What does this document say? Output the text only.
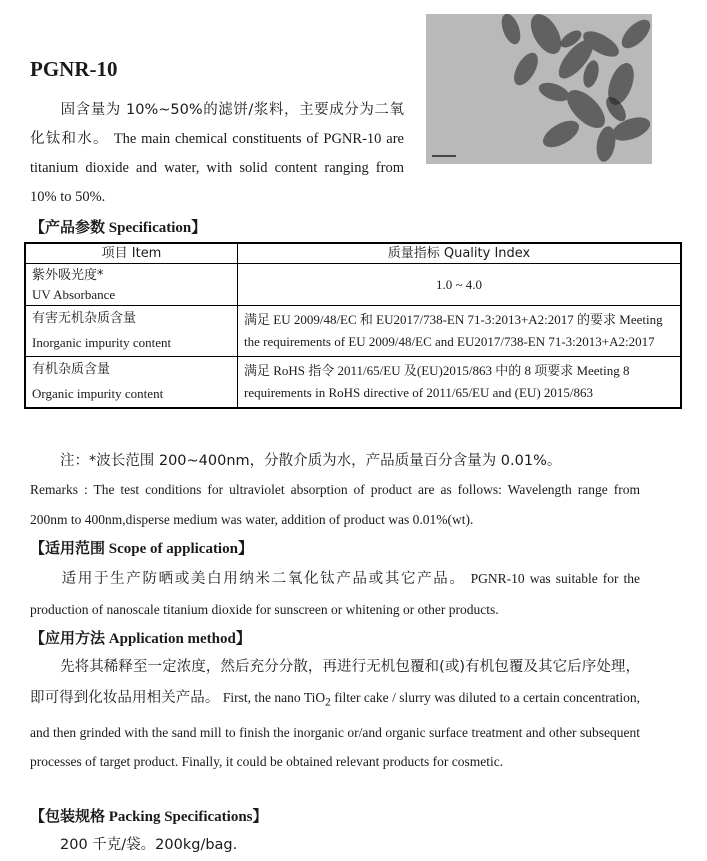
PGNR-10
固含量为 10%~50%的滤饼/浆料，主要成分为二氧化钛和水。 The main chemical constituents of PGNR-10 are titanium dioxide and water, with solid content ranging from 10% to 50%.
【产品参数 Specification】
项目 Item	质量指标 Quality Index

紫外吸光度*
UV Absorbance	1.0 ~ 4.0

有害无机杂质含量
Inorganic impurity content	满足 EU 2009/48/EC 和 EU2017/738-EN 71-3:2013+A2:2017 的要求 Meeting the requirements of EU 2009/48/EC and EU2017/738-EN 71-3:2013+A2:2017

有机杂质含量
Organic impurity content	满足 RoHS 指令 2011/65/EU 及(EU)2015/863 中的 8 项要求 Meeting 8 requirements in RoHS directive of 2011/65/EU and (EU) 2015/863
注：*波长范围 200~400nm，分散介质为水，产品质量百分含量为 0.01%。
Remarks : The test conditions for ultraviolet absorption of product are as follows: Wavelength range from 200nm to 400nm,disperse medium was water, addition of product was 0.01%(wt).
【适用范围 Scope of application】
适用于生产防晒或美白用纳米二氧化钛产品或其它产品。 PGNR-10 was suitable for the production of nanoscale titanium dioxide for sunscreen or whitening or other products.
【应用方法 Application method】
先将其稀释至一定浓度，然后充分分散，再进行无机包覆和(或)有机包覆及其它后序处理，即可得到化妆品用相关产品。 First, the nano TiO$_2$ filter cake / slurry was diluted to a certain concentration, and then grinded with the sand mill to finish the inorganic or/and organic surface treatment and other subsequent processes of target product. Finally, it could be obtained relevant products for cosmetic.
【包装规格 Packing Specifications】
200 千克/袋。200kg/bag.
